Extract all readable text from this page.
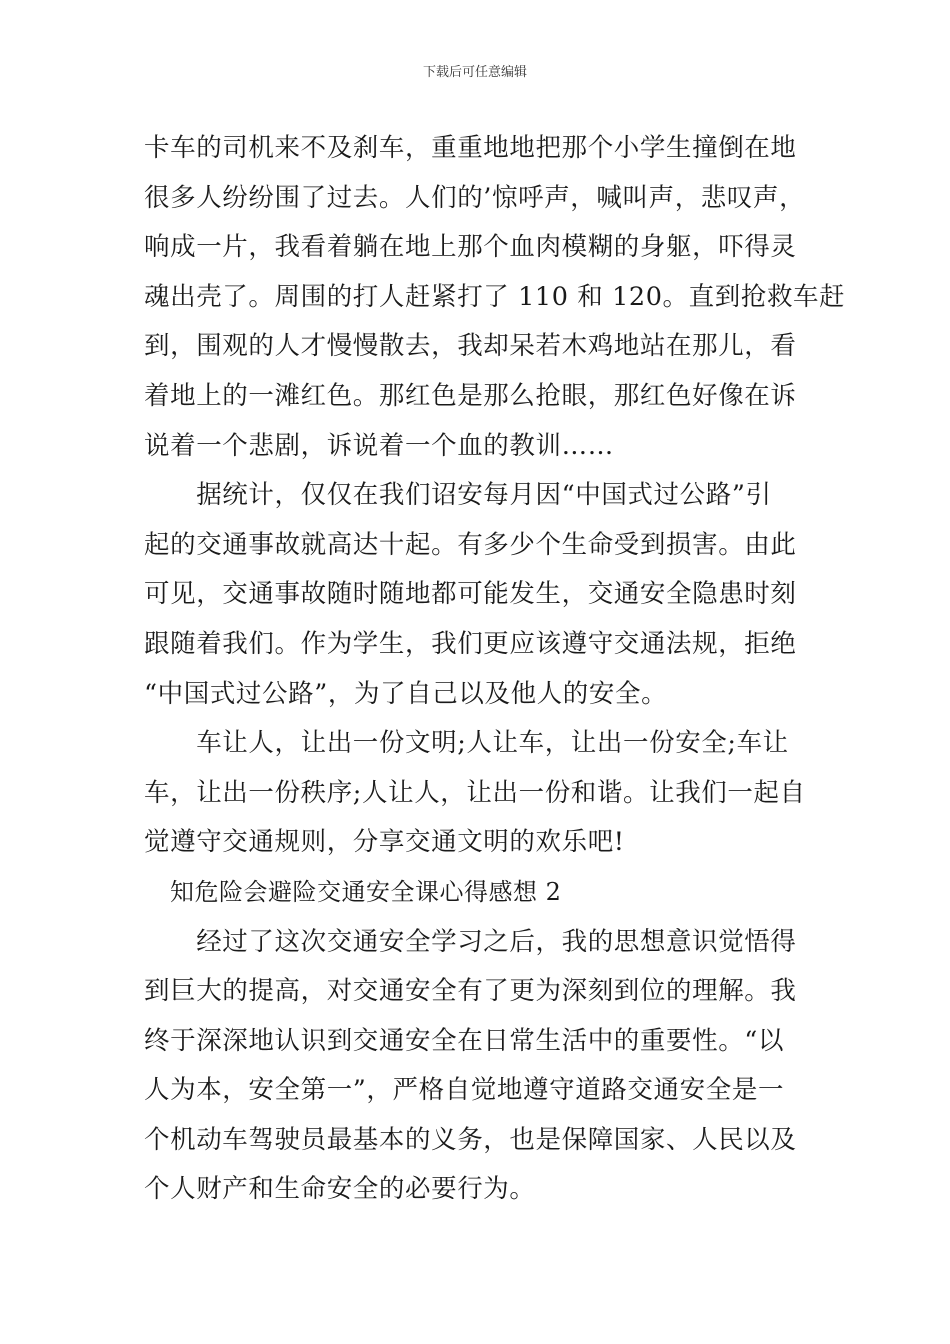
下载后可任意编辑

卡车的司机来不及刹车，重重地地把那个小学生撞倒在地
很多人纷纷围了过去。人们的’惊呼声，喊叫声，悲叹声，
响成一片，我看着躺在地上那个血肉模糊的身躯，吓得灵
魂出壳了。周围的打人赶紧打了 110 和 120。直到抢救车赶
到，围观的人才慢慢散去，我却呆若木鸡地站在那儿，看
着地上的一滩红色。那红色是那么抢眼，那红色好像在诉
说着一个悲剧，诉说着一个血的教训……

　　据统计，仅仅在我们诏安每月因“中国式过公路”引
起的交通事故就高达十起。有多少个生命受到损害。由此
可见，交通事故随时随地都可能发生，交通安全隐患时刻
跟随着我们。作为学生，我们更应该遵守交通法规，拒绝
“中国式过公路”，为了自己以及他人的安全。

　　车让人，让出一份文明;人让车，让出一份安全;车让
车，让出一份秩序;人让人，让出一份和谐。让我们一起自
觉遵守交通规则，分享交通文明的欢乐吧!

知危险会避险交通安全课心得感想 2

　　经过了这次交通安全学习之后，我的思想意识觉悟得
到巨大的提高，对交通安全有了更为深刻到位的理解。我
终于深深地认识到交通安全在日常生活中的重要性。“以
人为本，安全第一”，严格自觉地遵守道路交通安全是一
个机动车驾驶员最基本的义务，也是保障国家、人民以及
个人财产和生命安全的必要行为。
